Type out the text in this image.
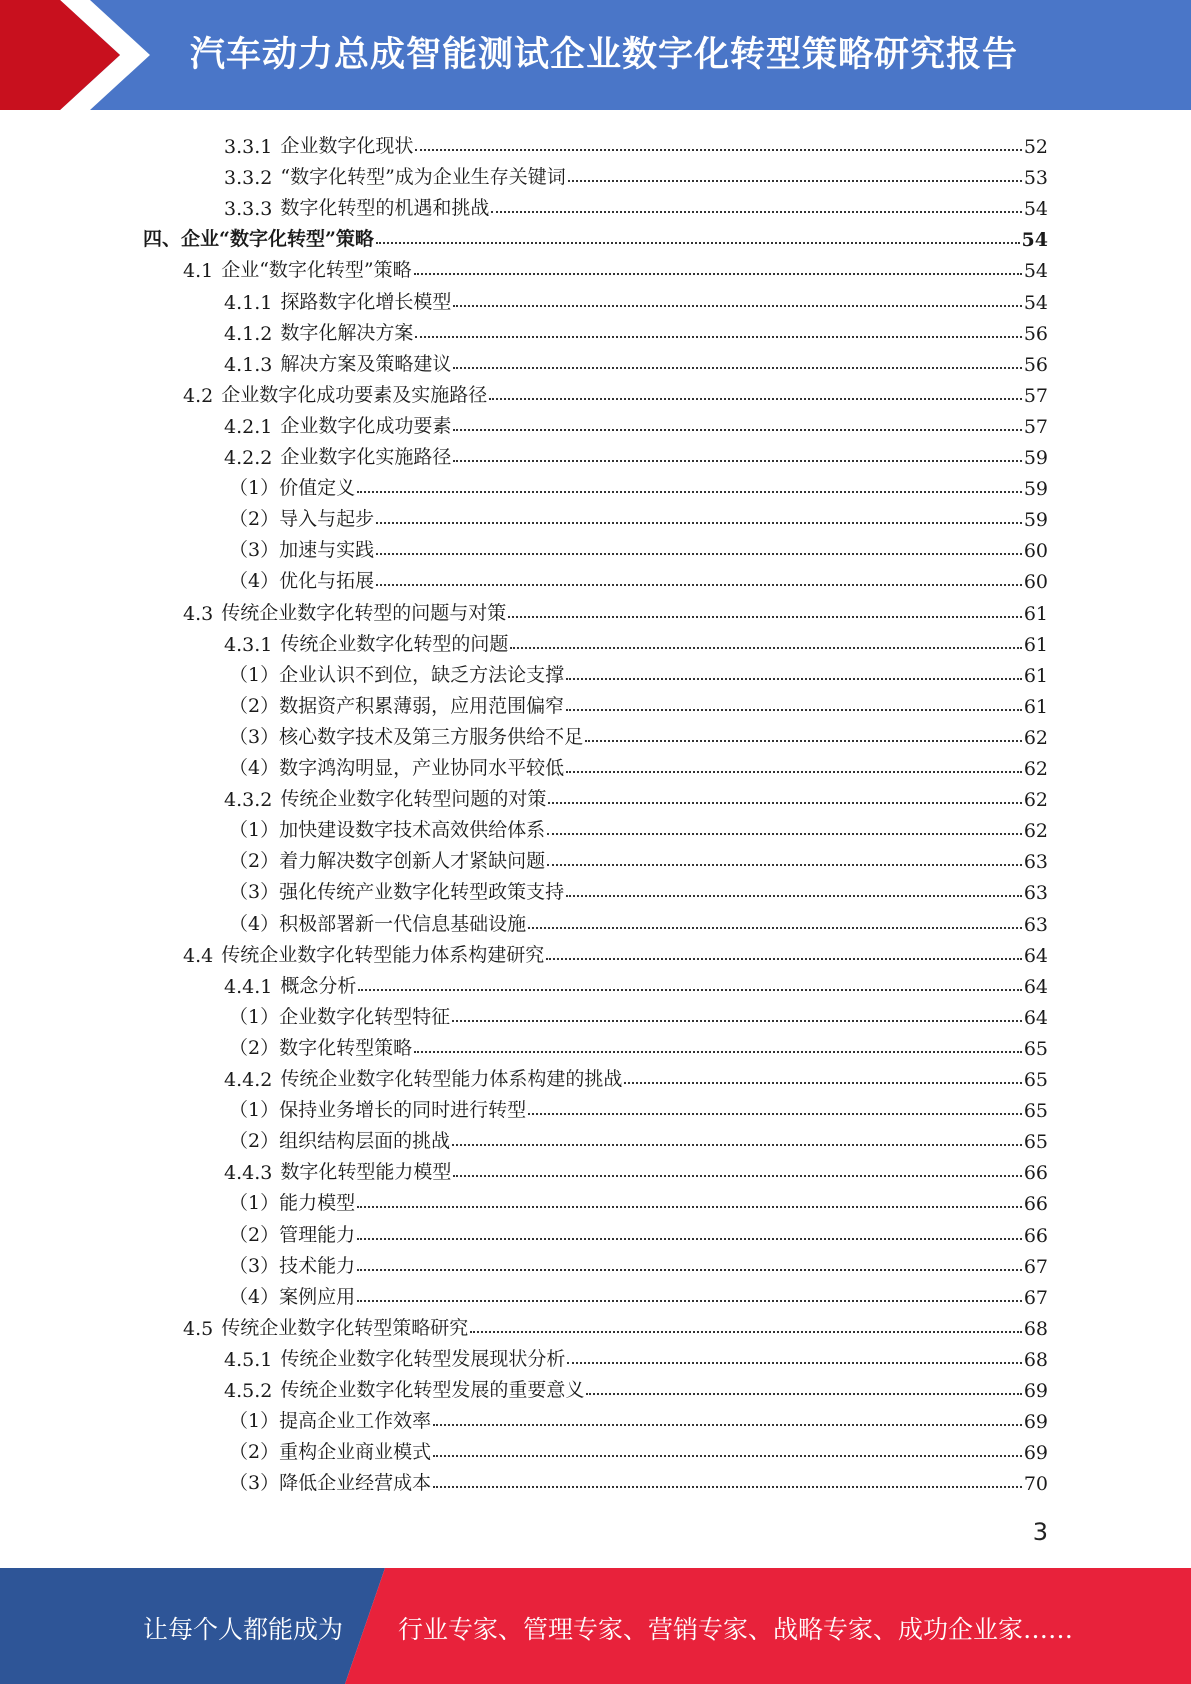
汽车动力总成智能测试企业数字化转型策略研究报告
3.3.1 企业数字化现状	52
3.3.2 “数字化转型”成为企业生存关键词	53
3.3.3 数字化转型的机遇和挑战	54
四、 企业“数字化转型”策略	54
4.1 企业“数字化转型”策略	54
4.1.1 探路数字化增长模型	54
4.1.2 数字化解决方案	56
4.1.3 解决方案及策略建议	56
4.2 企业数字化成功要素及实施路径	57
4.2.1 企业数字化成功要素	57
4.2.2 企业数字化实施路径	59
（1） 价值定义	59
（2） 导入与起步	59
（3） 加速与实践	60
（4） 优化与拓展	60
4.3 传统企业数字化转型的问题与对策	61
4.3.1 传统企业数字化转型的问题	61
（1） 企业认识不到位，缺乏方法论支撑	61
（2） 数据资产积累薄弱，应用范围偏窄	61
（3） 核心数字技术及第三方服务供给不足	62
（4） 数字鸿沟明显，产业协同水平较低	62
4.3.2 传统企业数字化转型问题的对策	62
（1） 加快建设数字技术高效供给体系	62
（2） 着力解决数字创新人才紧缺问题	63
（3） 强化传统产业数字化转型政策支持	63
（4） 积极部署新一代信息基础设施	63
4.4 传统企业数字化转型能力体系构建研究	64
4.4.1 概念分析	64
（1） 企业数字化转型特征	64
（2） 数字化转型策略	65
4.4.2 传统企业数字化转型能力体系构建的挑战	65
（1） 保持业务增长的同时进行转型	65
（2） 组织结构层面的挑战	65
4.4.3 数字化转型能力模型	66
（1） 能力模型	66
（2） 管理能力	66
（3） 技术能力	67
（4） 案例应用	67
4.5 传统企业数字化转型策略研究	68
4.5.1 传统企业数字化转型发展现状分析	68
4.5.2 传统企业数字化转型发展的重要意义	69
（1） 提高企业工作效率	69
（2） 重构企业商业模式	69
（3） 降低企业经营成本	70
3
让每个人都能成为 行业专家、管理专家、营销专家、战略专家、成功企业家……
